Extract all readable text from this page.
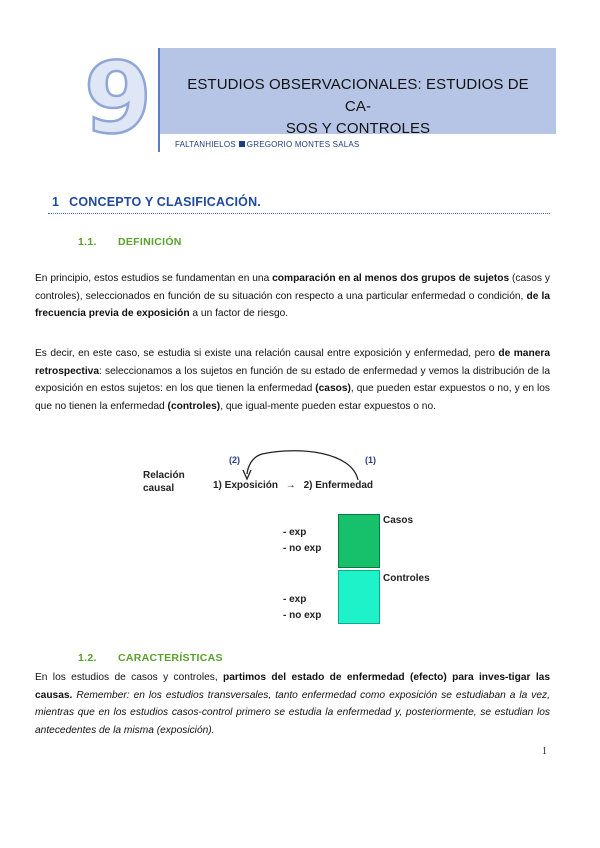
9	ESTUDIOS OBSERVACIONALES: ESTUDIOS DE CA-
SOS Y CONTROLES
FALTANHIELOS GREGORIO MONTES SALAS
1 CONCEPTO Y CLASIFICACIÓN.
1.1. DEFINICIÓN
En principio, estos estudios se fundamentan en una comparación en al menos dos grupos de sujetos (casos y controles), seleccionados en función de su situación con respecto a una particular enfermedad o condición, de la frecuencia previa de exposición a un factor de riesgo.
Es decir, en este caso, se estudia si existe una relación causal entre exposición y enfermedad, pero de manera retrospectiva: seleccionamos a los sujetos en función de su estado de enfermedad y vemos la distribución de la exposición en estos sujetos: en los que tienen la enfermedad (casos), que pueden estar expuestos o no, y en los que no tienen la enfermedad (controles), que igual-mente pueden estar expuestos o no.
Relación
causal
(2)	(1)
1) Exposición → 2) Enfermedad
- exp
- no exp
Casos
- exp
- no exp
Controles
1.2. CARACTERÍSTICAS
En los estudios de casos y controles, partimos del estado de enfermedad (efecto) para inves-tigar las causas. Remember: en los estudios transversales, tanto enfermedad como exposición se estudiaban a la vez, mientras que en los estudios casos-control primero se estudia la enfermedad y, posteriormente, se estudian los antecedentes de la misma (exposición).
1
